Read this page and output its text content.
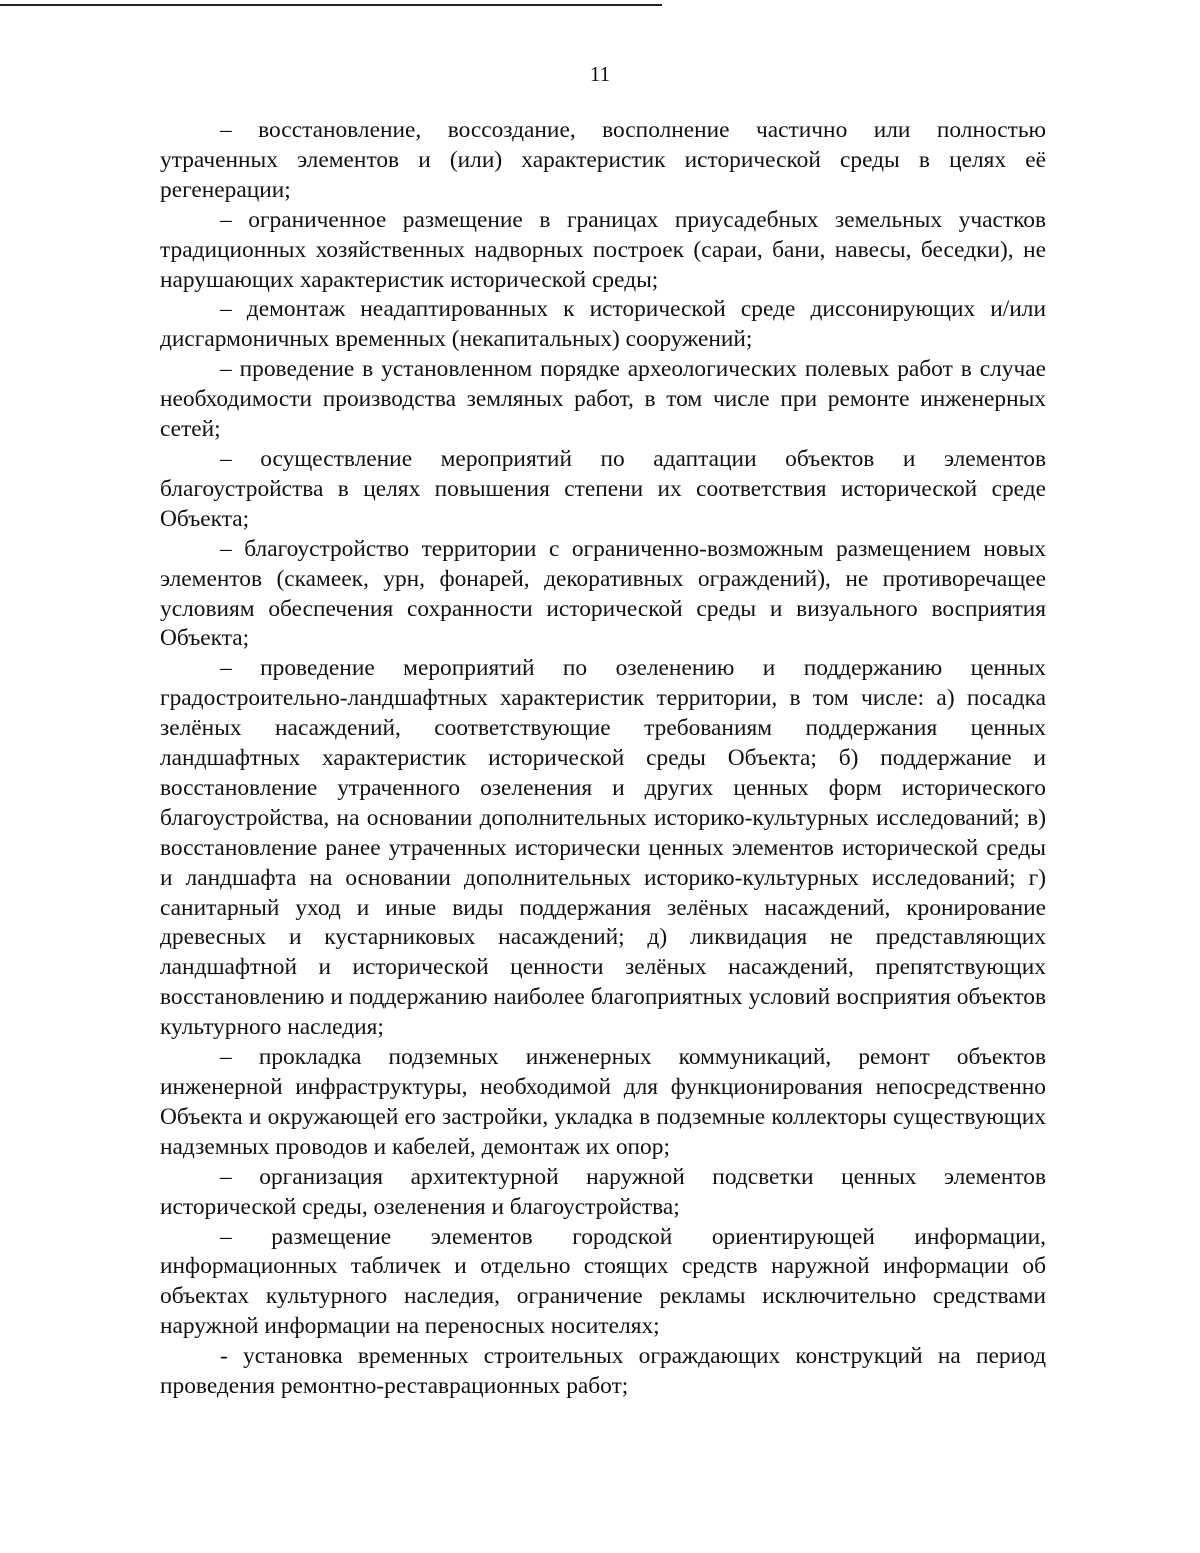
11

– восстановление, воссоздание, восполнение частично или полностью утраченных элементов и (или) характеристик исторической среды в целях её регенерации;

– ограниченное размещение в границах приусадебных земельных участков традиционных хозяйственных надворных построек (сараи, бани, навесы, беседки), не нарушающих характеристик исторической среды;

– демонтаж неадаптированных к исторической среде диссонирующих и/или дисгармоничных временных (некапитальных) сооружений;

– проведение в установленном порядке археологических полевых работ в случае необходимости производства земляных работ, в том числе при ремонте инженерных сетей;

– осуществление мероприятий по адаптации объектов и элементов благоустройства в целях повышения степени их соответствия исторической среде Объекта;

– благоустройство территории с ограниченно-возможным размещением новых элементов (скамеек, урн, фонарей, декоративных ограждений), не противоречащее условиям обеспечения сохранности исторической среды и визуального восприятия Объекта;

– проведение мероприятий по озеленению и поддержанию ценных градостроительно-ландшафтных характеристик территории, в том числе: а) посадка зелёных насаждений, соответствующие требованиям поддержания ценных ландшафтных характеристик исторической среды Объекта; б) поддержание и восстановление утраченного озеленения и других ценных форм исторического благоустройства, на основании дополнительных историко-культурных исследований; в) восстановление ранее утраченных исторически ценных элементов исторической среды и ландшафта на основании дополнительных историко-культурных исследований; г) санитарный уход и иные виды поддержания зелёных насаждений, кронирование древесных и кустарниковых насаждений; д) ликвидация не представляющих ландшафтной и исторической ценности зелёных насаждений, препятствующих восстановлению и поддержанию наиболее благоприятных условий восприятия объектов культурного наследия;

– прокладка подземных инженерных коммуникаций, ремонт объектов инженерной инфраструктуры, необходимой для функционирования непосредственно Объекта и окружающей его застройки, укладка в подземные коллекторы существующих надземных проводов и кабелей, демонтаж их опор;

– организация архитектурной наружной подсветки ценных элементов исторической среды, озеленения и благоустройства;

– размещение элементов городской ориентирующей информации, информационных табличек и отдельно стоящих средств наружной информации об объектах культурного наследия, ограничение рекламы исключительно средствами наружной информации на переносных носителях;

- установка временных строительных ограждающих конструкций на период проведения ремонтно-реставрационных работ;
